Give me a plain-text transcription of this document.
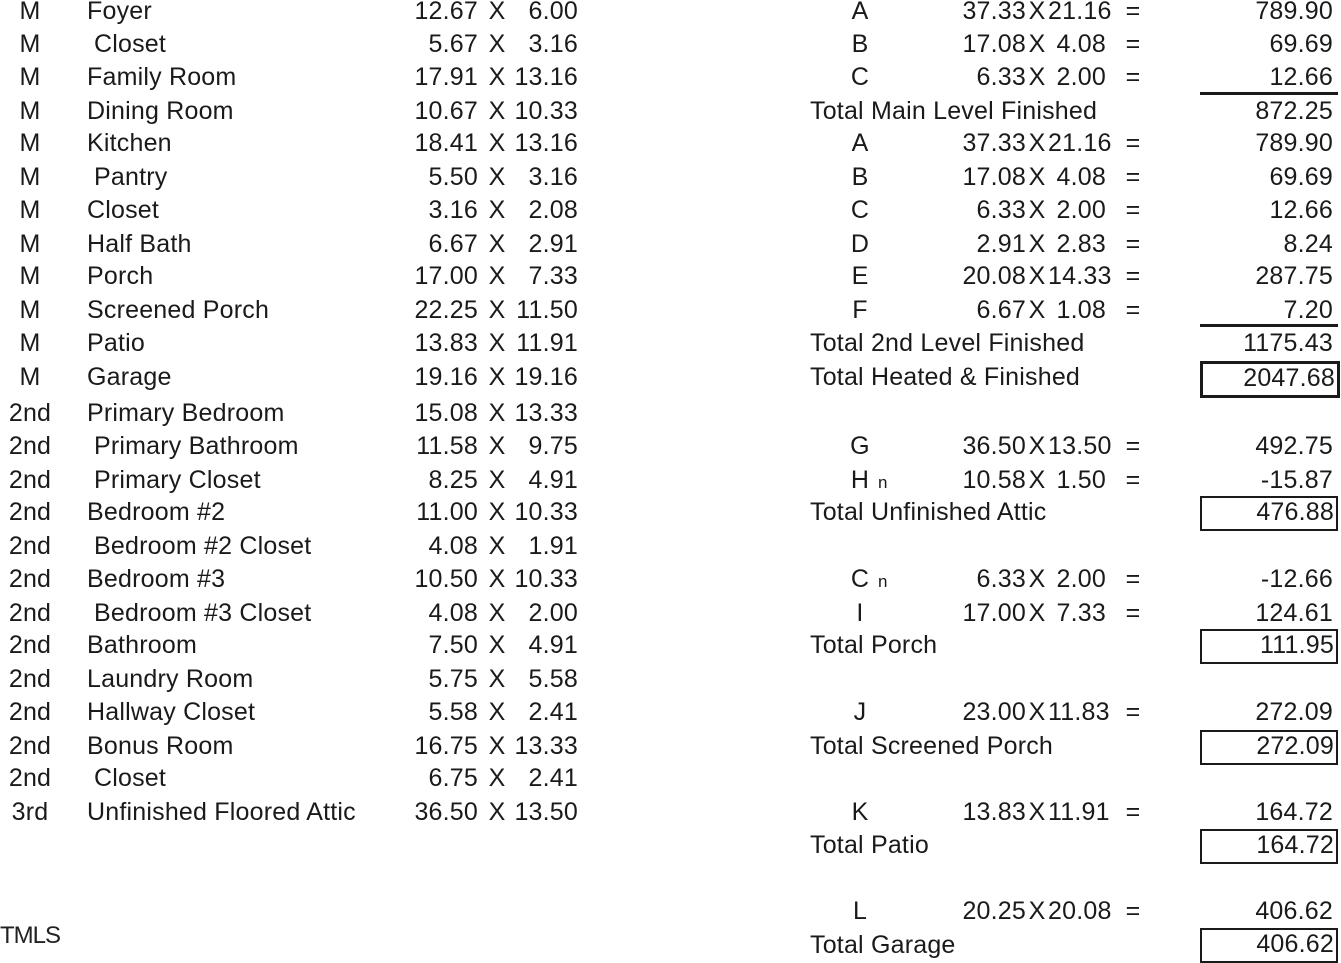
M	Foyer	12.67 X 6.00
M	Closet	5.67 X 3.16
M	Family Room	17.91 X 13.16
M	Dining Room	10.67 X 10.33
M	Kitchen	18.41 X 13.16
M	Pantry	5.50 X 3.16
M	Closet	3.16 X 2.08
M	Half Bath	6.67 X 2.91
M	Porch	17.00 X 7.33
M	Screened Porch	22.25 X 11.50
M	Patio	13.83 X 11.91
M	Garage	19.16 X 19.16
2nd	Primary Bedroom	15.08 X 13.33
2nd	Primary Bathroom	11.58 X 9.75
2nd	Primary Closet	8.25 X 4.91
2nd	Bedroom #2	11.00 X 10.33
2nd	Bedroom #2 Closet	4.08 X 1.91
2nd	Bedroom #3	10.50 X 10.33
2nd	Bedroom #3 Closet	4.08 X 2.00
2nd	Bathroom	7.50 X 4.91
2nd	Laundry Room	5.75 X 5.58
2nd	Hallway Closet	5.58 X 2.41
2nd	Bonus Room	16.75 X 13.33
2nd	Closet	6.75 X 2.41
3rd	Unfinished Floored Attic	36.50 X 13.50
A	37.33 X 21.16 =	789.90
B	17.08 X 4.08 =	69.69
C	6.33 X 2.00 =	12.66
Total Main Level Finished	872.25
A	37.33 X 21.16 =	789.90
B	17.08 X 4.08 =	69.69
C	6.33 X 2.00 =	12.66
D	2.91 X 2.83 =	8.24
E	20.08 X 14.33 =	287.75
F	6.67 X 1.08 =	7.20
Total 2nd Level Finished	1175.43
Total Heated & Finished	2047.68
G	36.50 X 13.50 =	492.75
H n	10.58 X 1.50 =	-15.87
Total Unfinished Attic	476.88
C n	6.33 X 2.00 =	-12.66
I	17.00 X 7.33 =	124.61
Total Porch	111.95
J	23.00 X 11.83 =	272.09
Total Screened Porch	272.09
K	13.83 X 11.91 =	164.72
Total Patio	164.72
L	20.25 X 20.08 =	406.62
Total Garage	406.62
TMLS
